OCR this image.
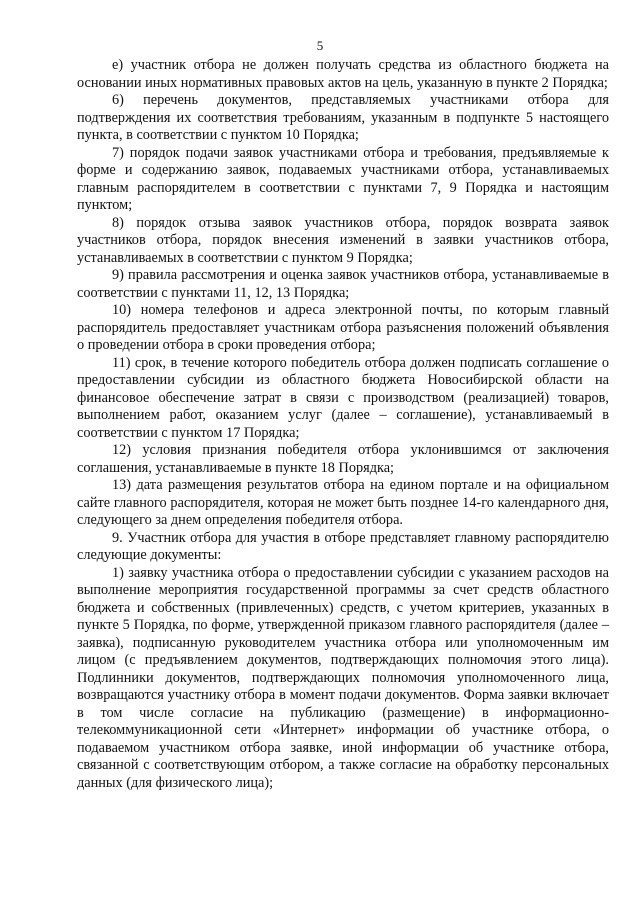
5

е) участник отбора не должен получать средства из областного бюджета на основании иных нормативных правовых актов на цель, указанную в пункте 2 Порядка;

6) перечень документов, представляемых участниками отбора для подтверждения их соответствия требованиям, указанным в подпункте 5 настоящего пункта, в соответствии с пунктом 10 Порядка;

7) порядок подачи заявок участниками отбора и требования, предъявляемые к форме и содержанию заявок, подаваемых участниками отбора, устанавливаемых главным распорядителем в соответствии с пунктами 7, 9 Порядка и настоящим пунктом;

8) порядок отзыва заявок участников отбора, порядок возврата заявок участников отбора, порядок внесения изменений в заявки участников отбора, устанавливаемых в соответствии с пунктом 9 Порядка;

9) правила рассмотрения и оценка заявок участников отбора, устанавливаемые в соответствии с пунктами 11, 12, 13 Порядка;

10) номера телефонов и адреса электронной почты, по которым главный распорядитель предоставляет участникам отбора разъяснения положений объявления о проведении отбора в сроки проведения отбора;

11) срок, в течение которого победитель отбора должен подписать соглашение о предоставлении субсидии из областного бюджета Новосибирской области на финансовое обеспечение затрат в связи с производством (реализацией) товаров, выполнением работ, оказанием услуг (далее – соглашение), устанавливаемый в соответствии с пунктом 17 Порядка;

12) условия признания победителя отбора уклонившимся от заключения соглашения, устанавливаемые в пункте 18 Порядка;

13) дата размещения результатов отбора на едином портале и на официальном сайте главного распорядителя, которая не может быть позднее 14-го календарного дня, следующего за днем определения победителя отбора.

9. Участник отбора для участия в отборе представляет главному распорядителю следующие документы:

1) заявку участника отбора о предоставлении субсидии с указанием расходов на выполнение мероприятия государственной программы за счет средств областного бюджета и собственных (привлеченных) средств, с учетом критериев, указанных в пункте 5 Порядка, по форме, утвержденной приказом главного распорядителя (далее – заявка), подписанную руководителем участника отбора или уполномоченным им лицом (с предъявлением документов, подтверждающих полномочия этого лица). Подлинники документов, подтверждающих полномочия уполномоченного лица, возвращаются участнику отбора в момент подачи документов. Форма заявки включает в том числе согласие на публикацию (размещение) в информационно-телекоммуникационной сети «Интернет» информации об участнике отбора, о подаваемом участником отбора заявке, иной информации об участнике отбора, связанной с соответствующим отбором, а также согласие на обработку персональных данных (для физического лица);
